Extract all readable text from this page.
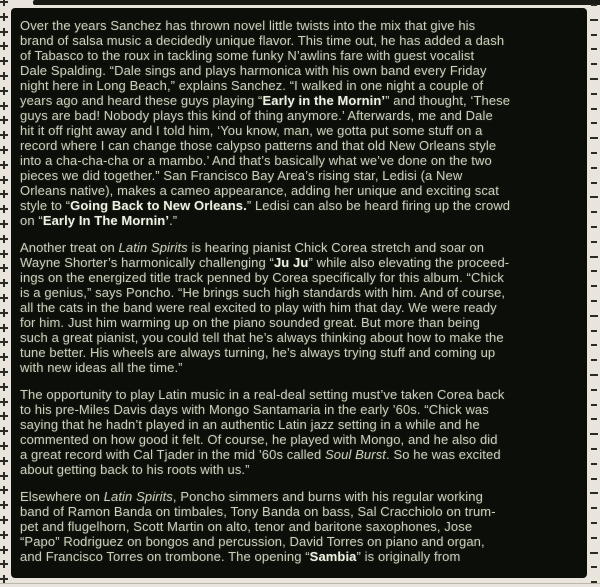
Over the years Sanchez has thrown novel little twists into the mix that give his
brand of salsa music a decidedly unique flavor. This time out, he has added a dash
of Tabasco to the roux in tackling some funky N’awlins fare with guest vocalist
Dale Spalding. “Dale sings and plays harmonica with his own band every Friday
night here in Long Beach,” explains Sanchez. “I walked in one night a couple of
years ago and heard these guys playing “Early in the Mornin’” and thought, ‘These
guys are bad! Nobody plays this kind of thing anymore.’ Afterwards, me and Dale
hit it off right away and I told him, ‘You know, man, we gotta put some stuff on a
record where I can change those calypso patterns and that old New Orleans style
into a cha-cha-cha or a mambo.’ And that’s basically what we’ve done on the two
pieces we did together.” San Francisco Bay Area’s rising star, Ledisi (a New
Orleans native), makes a cameo appearance, adding her unique and exciting scat
style to “Going Back to New Orleans.” Ledisi can also be heard firing up the crowd
on “Early In The Mornin’.”
Another treat on Latin Spirits is hearing pianist Chick Corea stretch and soar on
Wayne Shorter’s harmonically challenging “Ju Ju” while also elevating the proceed-
ings on the energized title track penned by Corea specifically for this album. “Chick
is a genius,” says Poncho. “He brings such high standards with him. And of course,
all the cats in the band were real excited to play with him that day. We were ready
for him. Just him warming up on the piano sounded great. But more than being
such a great pianist, you could tell that he’s always thinking about how to make the
tune better. His wheels are always turning, he’s always trying stuff and coming up
with new ideas all the time.”
The opportunity to play Latin music in a real-deal setting must’ve taken Corea back
to his pre-Miles Davis days with Mongo Santamaria in the early ’60s. “Chick was
saying that he hadn’t played in an authentic Latin jazz setting in a while and he
commented on how good it felt. Of course, he played with Mongo, and he also did
a great record with Cal Tjader in the mid ’60s called Soul Burst. So he was excited
about getting back to his roots with us.”
Elsewhere on Latin Spirits, Poncho simmers and burns with his regular working
band of Ramon Banda on timbales, Tony Banda on bass, Sal Cracchiolo on trum-
pet and flugelhorn, Scott Martin on alto, tenor and baritone saxophones, Jose
“Papo” Rodriguez on bongos and percussion, David Torres on piano and organ,
and Francisco Torres on trombone. The opening “Sambia” is originally from
